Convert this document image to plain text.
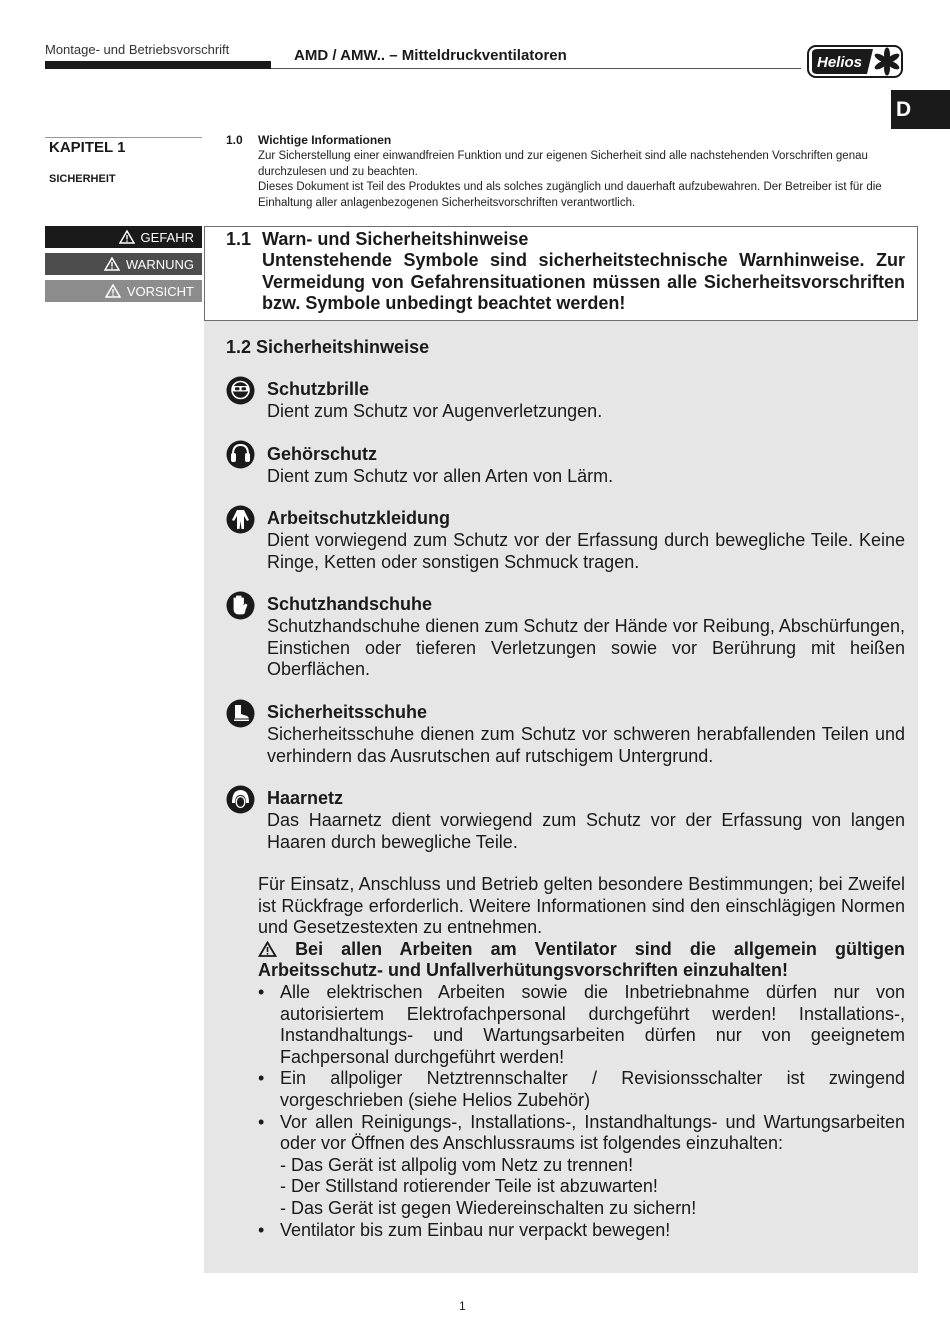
Montage- und Betriebsvorschrift	AMD / AMW.. – Mitteldruckventilatoren	Helios
D
KAPITEL 1
SICHERHEIT
1.0 Wichtige Informationen

Zur Sicherstellung einer einwandfreien Funktion und zur eigenen Sicherheit sind alle nachstehenden Vorschriften genau durchzulesen und zu beachten.

Dieses Dokument ist Teil des Produktes und als solches zugänglich und dauerhaft aufzubewahren. Der Betreiber ist für die Einhaltung aller anlagenbezogenen Sicherheitsvorschriften verantwortlich.

GEFAHR
WARNUNG
VORSICHT
1.1 Warn- und Sicherheitshinweise
Untenstehende Symbole sind sicherheitstechnische Warnhinweise. Zur Vermeidung von Gefahrensituationen müssen alle Sicherheitsvorschriften bzw. Symbole unbedingt beachtet werden!
1.2 Sicherheitshinweise
Schutzbrille
Dient zum Schutz vor Augenverletzungen.
Gehörschutz
Dient zum Schutz vor allen Arten von Lärm.
Arbeitschutzkleidung
Dient vorwiegend zum Schutz vor der Erfassung durch bewegliche Teile. Keine Ringe, Ketten oder sonstigen Schmuck tragen.
Schutzhandschuhe
Schutzhandschuhe dienen zum Schutz der Hände vor Reibung, Abschürfungen, Einstichen oder tieferen Verletzungen sowie vor Berührung mit heißen Oberflächen.
Sicherheitsschuhe
Sicherheitsschuhe dienen zum Schutz vor schweren herabfallenden Teilen und verhindern das Ausrutschen auf rutschigem Untergrund.
Haarnetz
Das Haarnetz dient vorwiegend zum Schutz vor der Erfassung von langen Haaren durch bewegliche Teile.

Für Einsatz, Anschluss und Betrieb gelten besondere Bestimmungen; bei Zweifel ist Rückfrage erforderlich. Weitere Informationen sind den einschlägigen Normen und Gesetzestexten zu entnehmen.

Bei allen Arbeiten am Ventilator sind die allgemein gültigen Arbeitsschutz- und Unfallverhütungsvorschriften einzuhalten!

• Alle elektrischen Arbeiten sowie die Inbetriebnahme dürfen nur von autorisiertem Elektrofachpersonal durchgeführt werden! Installations-, Instandhaltungs- und Wartungsarbeiten dürfen nur von geeignetem Fachpersonal durchgeführt werden!
• Ein allpoliger Netztrennschalter / Revisionsschalter ist zwingend vorgeschrieben (siehe Helios Zubehör)
• Vor allen Reinigungs-, Installations-, Instandhaltungs- und Wartungsarbeiten oder vor Öffnen des Anschlussraums ist folgendes einzuhalten:
- Das Gerät ist allpolig vom Netz zu trennen!
- Der Stillstand rotierender Teile ist abzuwarten!
- Das Gerät ist gegen Wiedereinschalten zu sichern!
• Ventilator bis zum Einbau nur verpackt bewegen!
1
